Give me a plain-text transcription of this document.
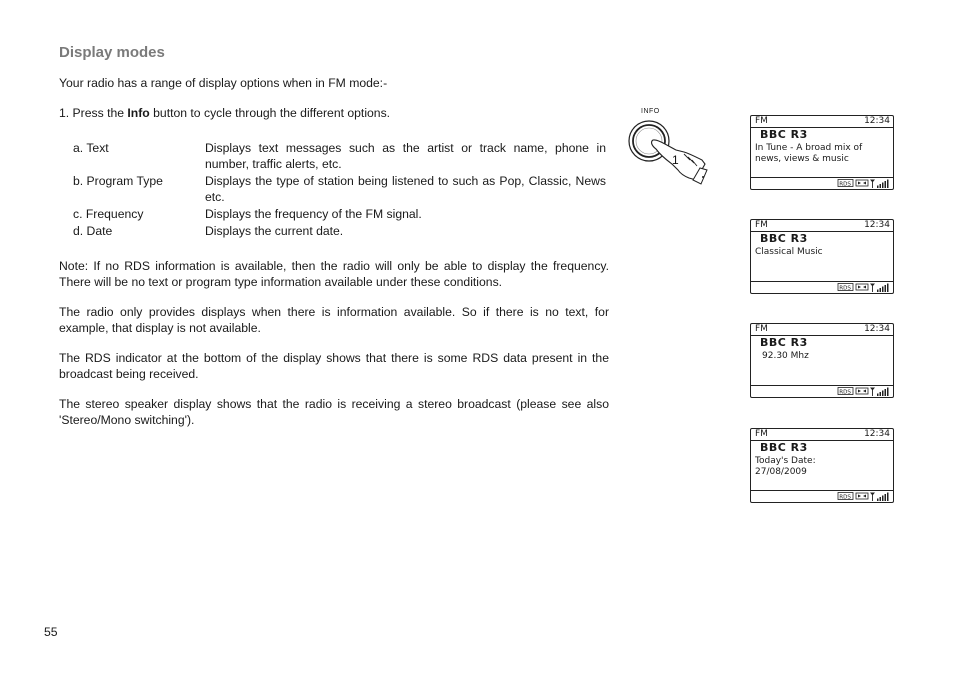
Display modes

Your radio has a range of display options when in FM mode:-

1. Press the Info button to cycle through the different options.

a. Text	Displays text messages such as the artist or track name, phone in number, traffic alerts, etc.
b. Program Type	Displays the type of station being listened to such as Pop, Classic, News etc.
c. Frequency	Displays the frequency of the FM signal.
d. Date	Displays the current date.

Note: If no RDS information is available, then the radio will only be able to display the frequency. There will be no text or program type information available under these conditions.

The radio only provides displays when there is information available. So if there is no text, for example, that display is not available.

The RDS indicator at the bottom of the display shows that there is some RDS data present in the broadcast being received.

The stereo speaker display shows that the radio is receiving a stereo broadcast (please see also 'Stereo/Mono switching').

55
INFO
1
FM	12:34
BBC R3
In Tune - A broad mix of
news, views & music
RDS
FM	12:34
BBC R3
Classical Music
RDS
FM	12:34
BBC R3
92.30 Mhz
RDS
FM	12:34
BBC R3
Today's Date:
27/08/2009
RDS
